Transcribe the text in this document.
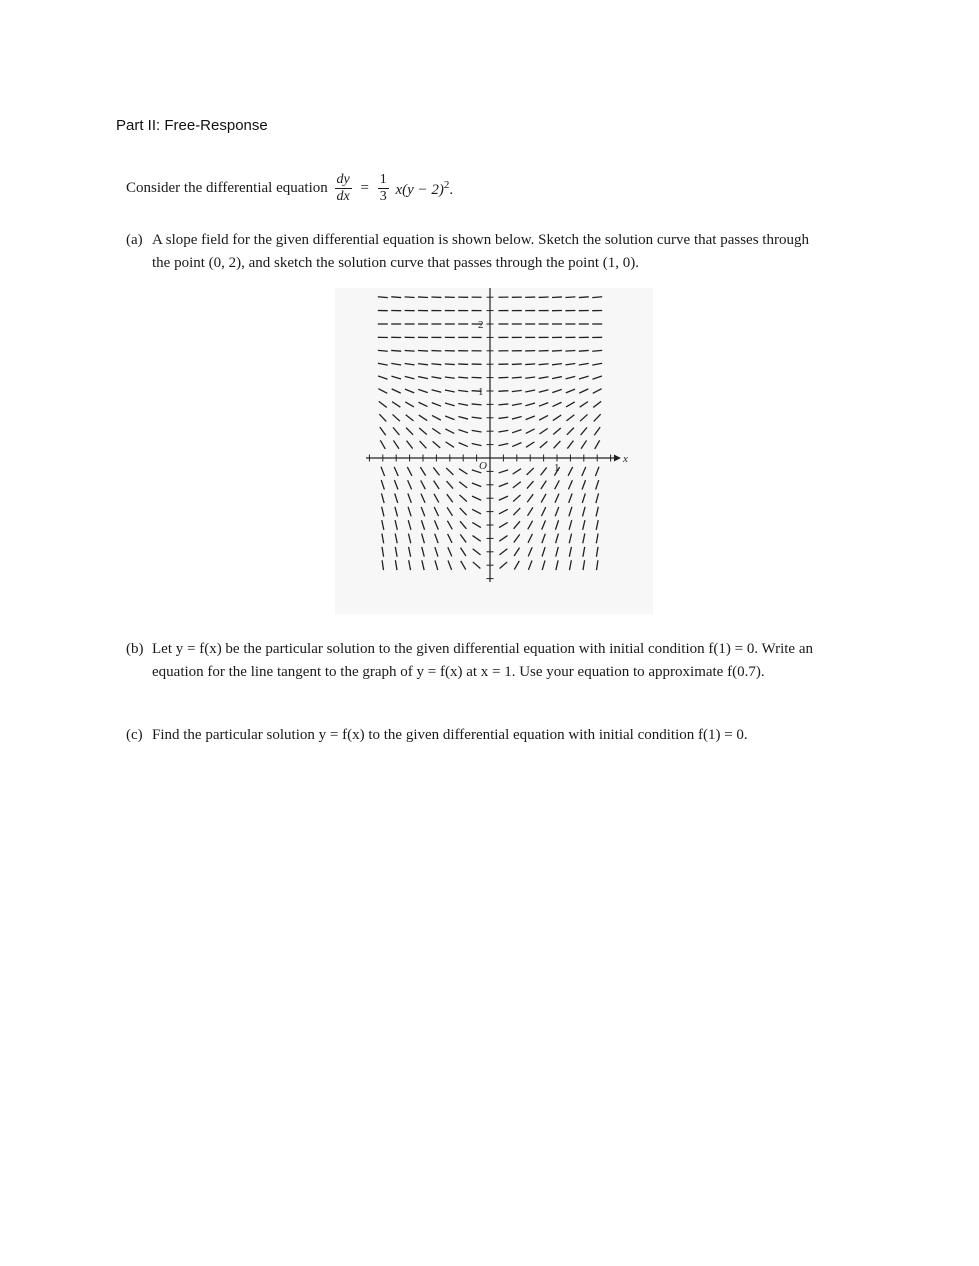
Part II: Free-Response
Consider the differential equation $\frac{dy}{dx} = \frac{1}{3} x(y - 2)^2$.
(a) A slope field for the given differential equation is shown below. Sketch the solution curve that passes through the point (0, 2), and sketch the solution curve that passes through the point (1, 0).
x
O	1
1
2
(b) Let y = f(x) be the particular solution to the given differential equation with initial condition f(1) = 0. Write an equation for the line tangent to the graph of y = f(x) at x = 1. Use your equation to approximate f(0.7).
(c) Find the particular solution y = f(x) to the given differential equation with initial condition f(1) = 0.
